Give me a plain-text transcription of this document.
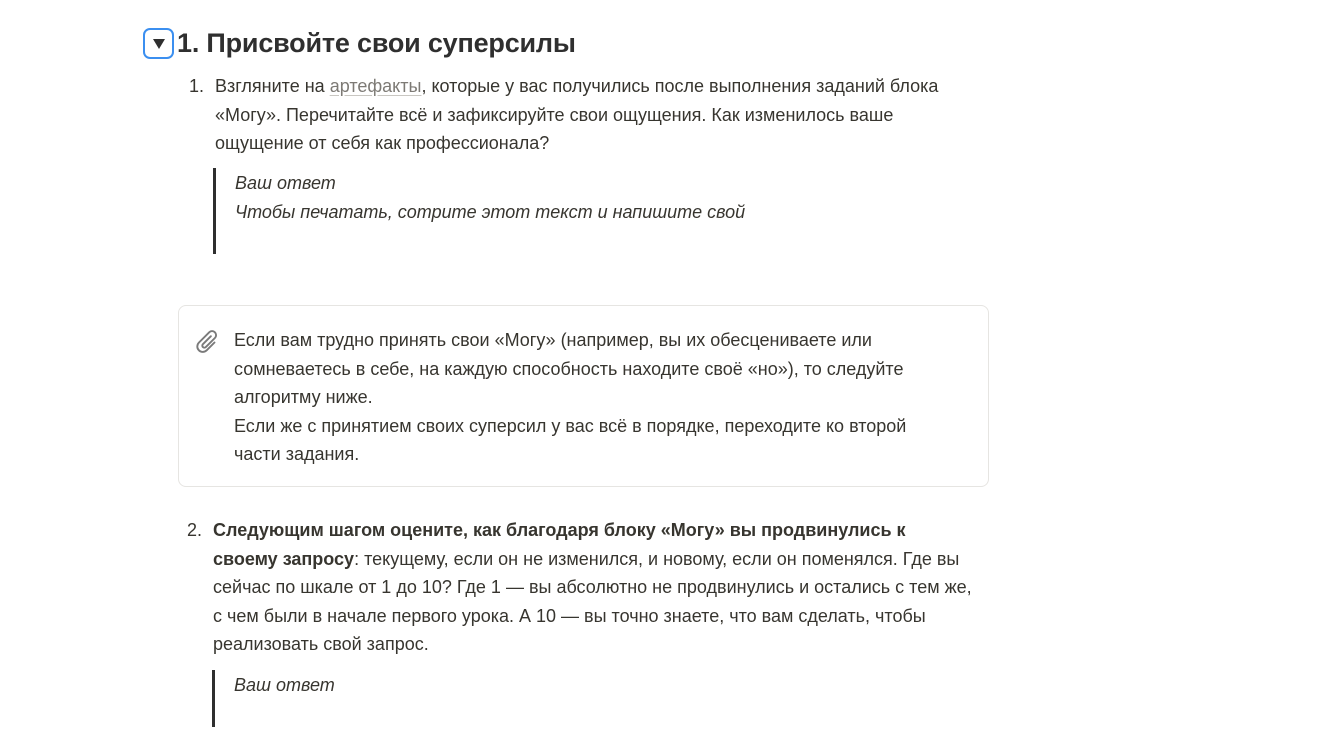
1. Присвойте свои суперсилы
1. Взгляните на артефакты, которые у вас получились после выполнения заданий блока «Могу». Перечитайте всё и зафиксируйте свои ощущения. Как изменилось ваше ощущение от себя как профессионала?
Ваш ответ
Чтобы печатать, сотрите этот текст и напишите свой

Если вам трудно принять свои «Могу» (например, вы их обесцениваете или сомневаетесь в себе, на каждую способность находите своё «но»), то следуйте алгоритму ниже.

Если же с принятием своих суперсил у вас всё в порядке, переходите ко второй части задания.

2. Следующим шагом оцените, как благодаря блоку «Могу» вы продвинулись к своему запросу: текущему, если он не изменился, и новому, если он поменялся. Где вы сейчас по шкале от 1 до 10? Где 1 — вы абсолютно не продвинулись и остались с тем же, с чем были в начале первого урока. А 10 — вы точно знаете, что вам сделать, чтобы реализовать свой запрос.
Ваш ответ
